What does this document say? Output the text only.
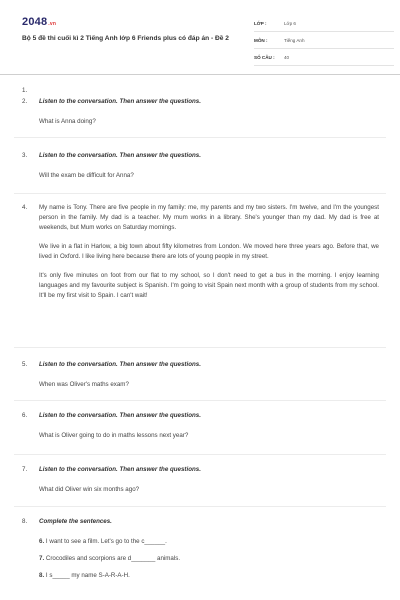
2048.vn
Bộ 5 đề thi cuối kì 2 Tiếng Anh lớp 6 Friends plus có đáp án - Đề 2
LỚP :	Lớp 6
MÔN :	Tiếng Anh
SỐ CÂU : 40
1.
2. Listen to the conversation. Then answer the questions.
What is Anna doing?
3. Listen to the conversation. Then answer the questions.
Will the exam be difficult for Anna?
4. My name is Tony. There are five people in my family: me, my parents and my two sisters. I'm twelve, and I'm the youngest person in the family. My dad is a teacher. My mum works in a library. She's younger than my dad. My dad is free at weekends, but Mum works on Saturday mornings.

We live in a flat in Harlow, a big town about fifty kilometres from London. We moved here three years ago. Before that, we lived in Oxford. I like living here because there are lots of young people in my street.

It's only five minutes on foot from our flat to my school, so I don't need to get a bus in the morning. I enjoy learning languages and my favourite subject is Spanish. I'm going to visit Spain next month with a group of students from my school. It'll be my first visit to Spain. I can't wait!

5. Listen to the conversation. Then answer the questions.
When was Oliver's maths exam?
6. Listen to the conversation. Then answer the questions.
What is Oliver going to do in maths lessons next year?
7. Listen to the conversation. Then answer the questions.
What did Oliver win six months ago?
8. Complete the sentences.
6. I want to see a film. Let's go to the c______.
7. Crocodiles and scorpions are d_______ animals.
8. I s_____ my name S-A-R-A-H.
